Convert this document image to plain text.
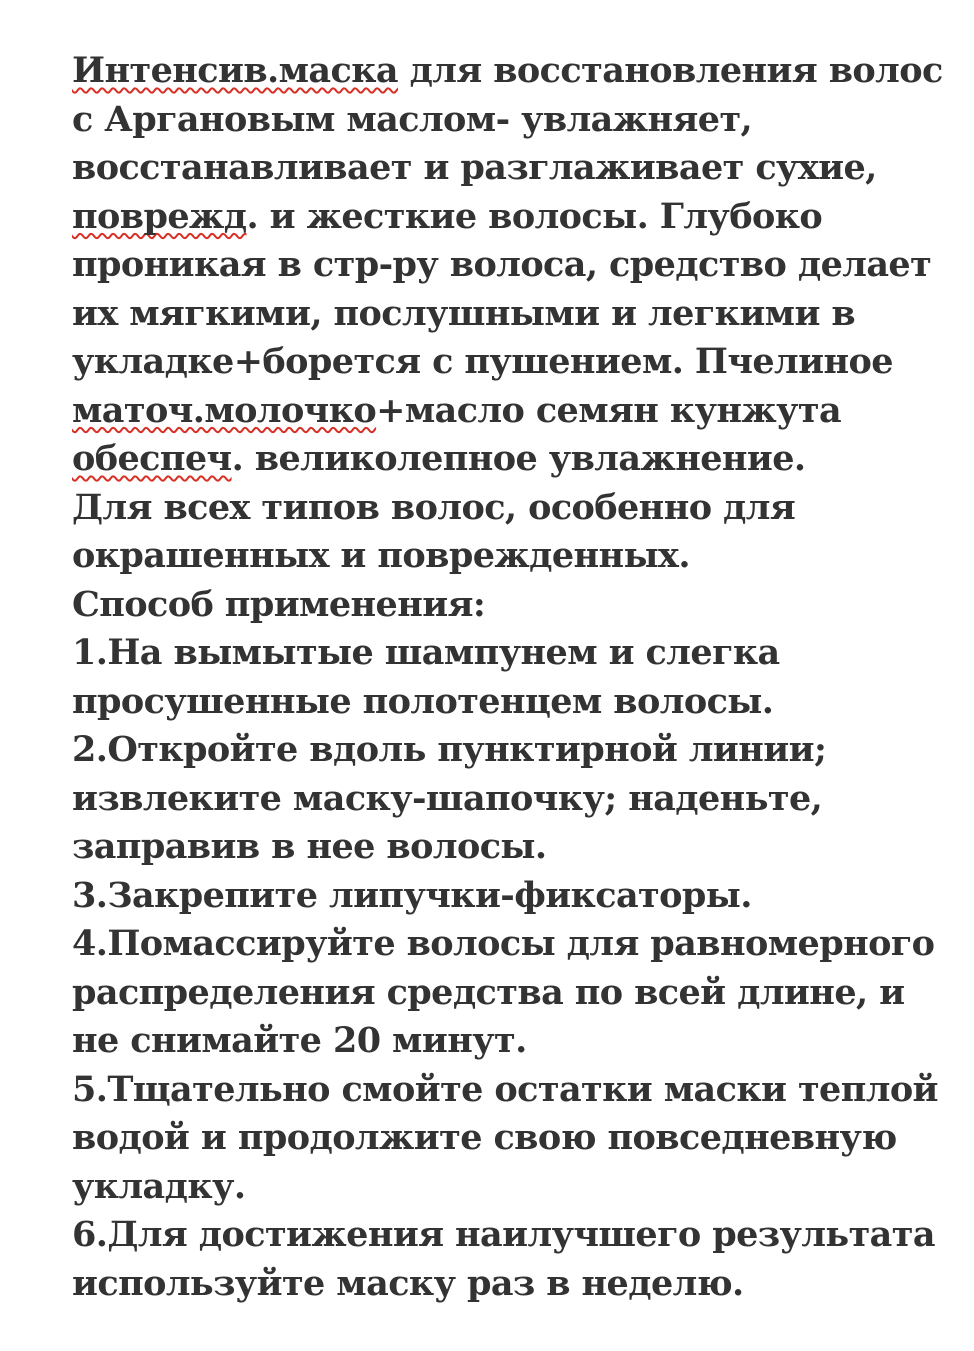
Интенсив.маска для восстановления волос
с Аргановым маслом- увлажняет,
восстанавливает и разглаживает сухие,
поврежд. и жесткие волосы. Глубоко
проникая в стр-ру волоса, средство делает
их мягкими, послушными и легкими в
укладке+борется с пушением. Пчелиное
маточ.молочко+масло семян кунжута
обеспеч. великолепное увлажнение.
Для всех типов волос, особенно для
окрашенных и поврежденных.
Способ применения:
1.На вымытые шампунем и слегка
просушенные полотенцем волосы.
2.Откройте вдоль пунктирной линии;
извлеките маску-шапочку; наденьте,
заправив в нее волосы.
3.Закрепите липучки-фиксаторы.
4.Помассируйте волосы для равномерного
распределения средства по всей длине, и
не снимайте 20 минут.
5.Тщательно смойте остатки маски теплой
водой и продолжите свою повседневную
укладку.
6.Для достижения наилучшего результата
используйте маску раз в неделю.
